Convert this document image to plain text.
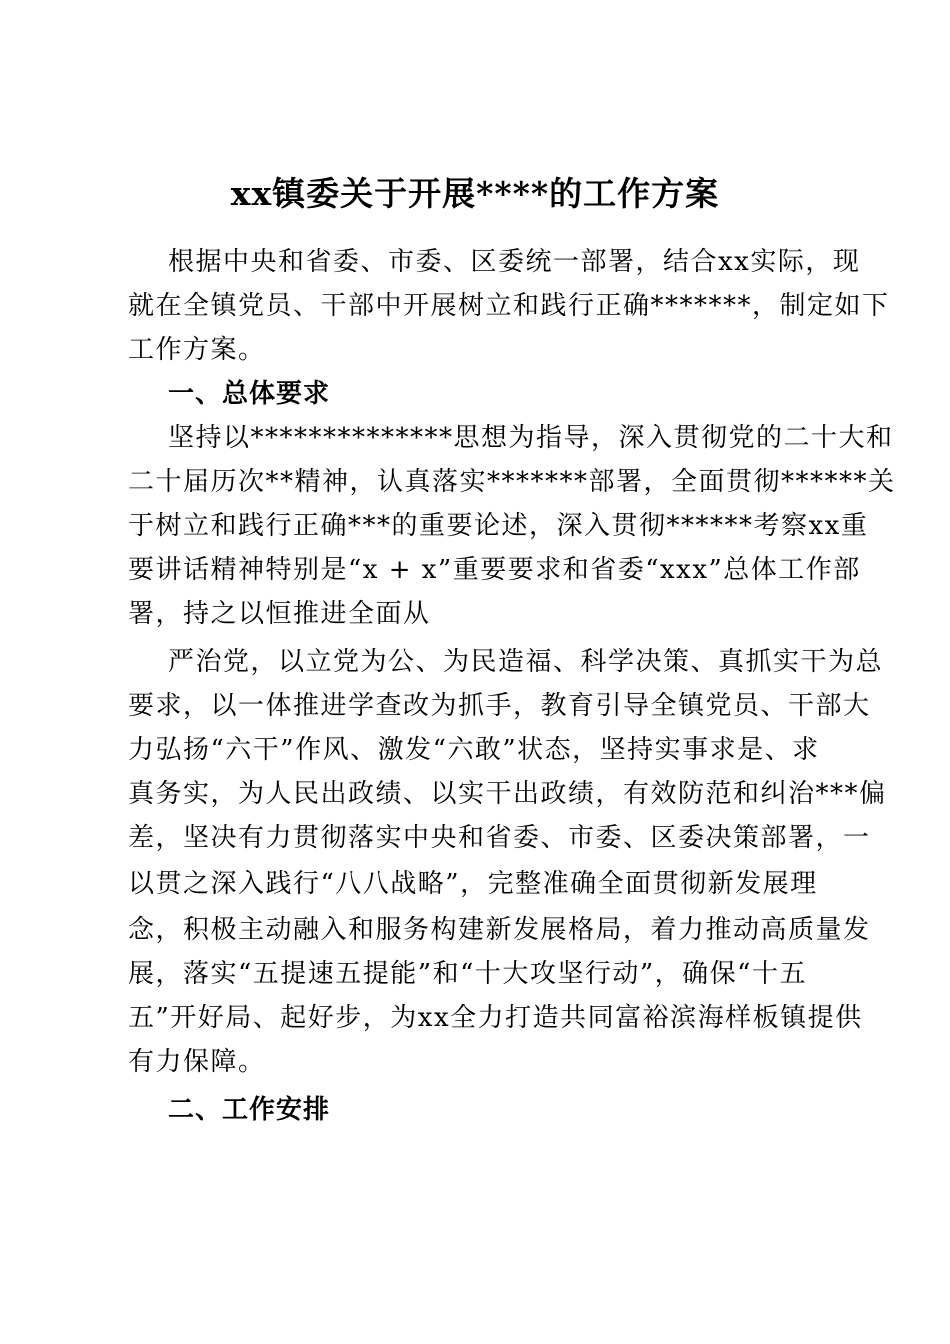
xx镇委关于开展****的工作方案
根据中央和省委、市委、区委统一部署，结合xx实际，现
就在全镇党员、干部中开展树立和践行正确*******，制定如下
工作方案。
一、总体要求
坚持以**************思想为指导，深入贯彻党的二十大和
二十届历次**精神，认真落实*******部署，全面贯彻******关
于树立和践行正确***的重要论述，深入贯彻******考察xx重
要讲话精神特别是“x + x”重要要求和省委“xxx”总体工作部
署，持之以恒推进全面从
严治党，以立党为公、为民造福、科学决策、真抓实干为总
要求，以一体推进学查改为抓手，教育引导全镇党员、干部大
力弘扬“六干”作风、激发“六敢”状态，坚持实事求是、求
真务实，为人民出政绩、以实干出政绩，有效防范和纠治***偏
差，坚决有力贯彻落实中央和省委、市委、区委决策部署，一
以贯之深入践行“八八战略”，完整准确全面贯彻新发展理
念，积极主动融入和服务构建新发展格局，着力推动高质量发
展，落实“五提速五提能”和“十大攻坚行动”，确保“十五
五”开好局、起好步，为xx全力打造共同富裕滨海样板镇提供
有力保障。
二、工作安排
